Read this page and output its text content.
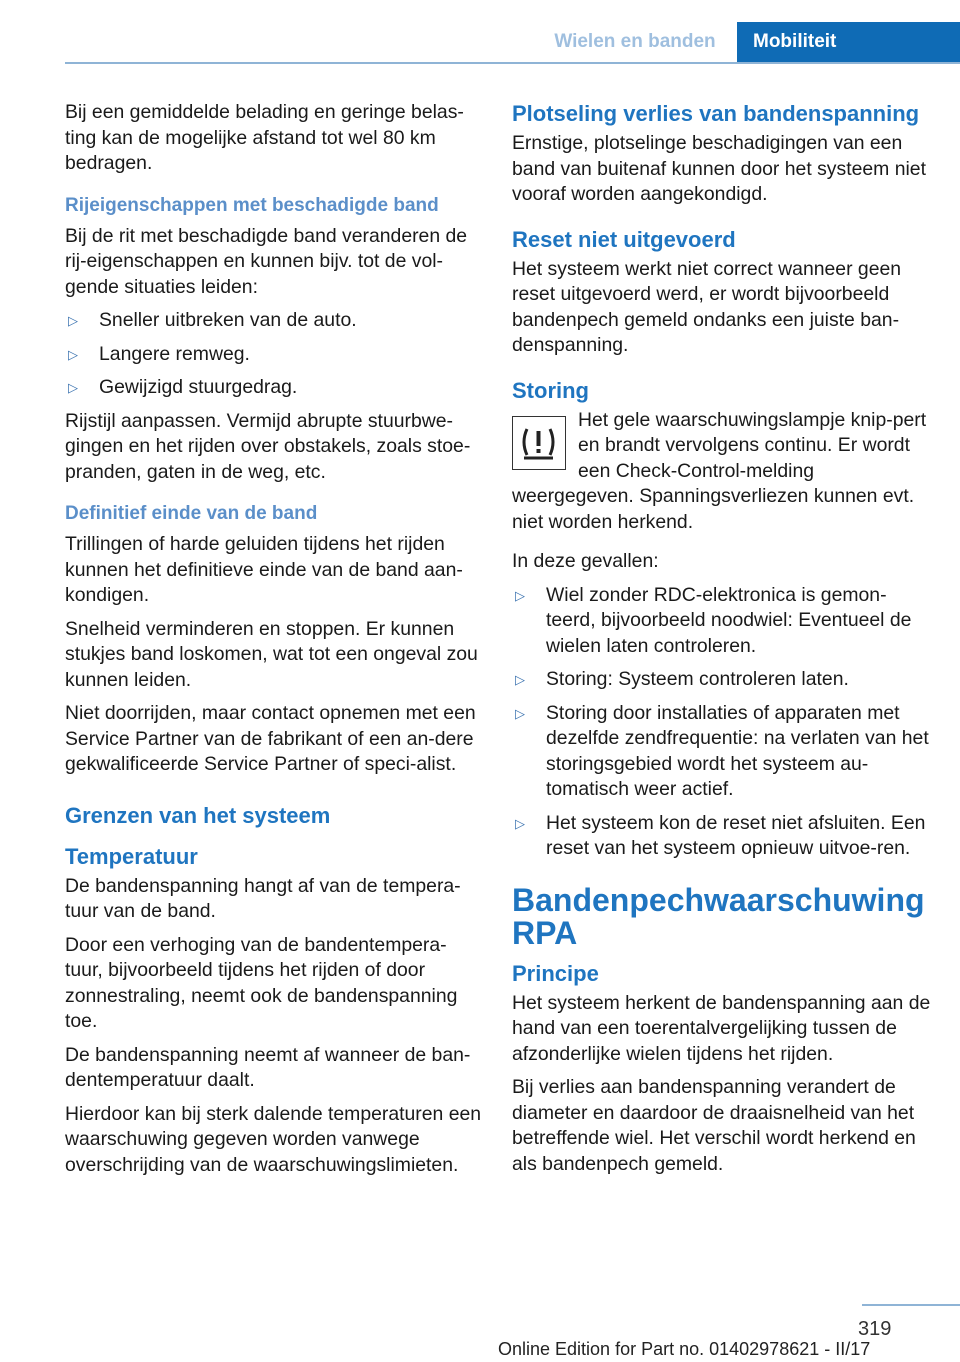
Wielen en banden	Mobiliteit

Bij een gemiddelde belading en geringe belas-ting kan de mogelijke afstand tot wel 80 km bedragen.

Rijeigenschappen met beschadigde band

Bij de rit met beschadigde band veranderen de rij-eigenschappen en kunnen bijv. tot de vol-gende situaties leiden:

▷ Sneller uitbreken van de auto.
▷ Langere remweg.
▷ Gewijzigd stuurgedrag.

Rijstijl aanpassen. Vermijd abrupte stuurbwe-gingen en het rijden over obstakels, zoals stoe-pranden, gaten in de weg, etc.

Definitief einde van de band

Trillingen of harde geluiden tijdens het rijden kunnen het definitieve einde van de band aan-kondigen.

Snelheid verminderen en stoppen. Er kunnen stukjes band loskomen, wat tot een ongeval zou kunnen leiden.

Niet doorrijden, maar contact opnemen met een Service Partner van de fabrikant of een an-dere gekwalificeerde Service Partner of speci-alist.

Grenzen van het systeem
Temperatuur

De bandenspanning hangt af van de tempera-tuur van de band.

Door een verhoging van de bandentempera-tuur, bijvoorbeeld tijdens het rijden of door zonnestraling, neemt ook de bandenspanning toe.

De bandenspanning neemt af wanneer de ban-dentemperatuur daalt.

Hierdoor kan bij sterk dalende temperaturen een waarschuwing gegeven worden vanwege overschrijding van de waarschuwingslimieten.

Plotseling verlies van bandenspanning

Ernstige, plotselinge beschadigingen van een band van buitenaf kunnen door het systeem niet vooraf worden aangekondigd.

Reset niet uitgevoerd

Het systeem werkt niet correct wanneer geen reset uitgevoerd werd, er wordt bijvoorbeeld bandenpech gemeld ondanks een juiste ban-denspanning.

Storing

Het gele waarschuwingslampje knip-pert en brandt vervolgens continu. Er wordt een Check-Control-melding weergegeven. Spanningsverliezen kunnen evt. niet worden herkend.

In deze gevallen:

▷ Wiel zonder RDC-elektronica is gemon-teerd, bijvoorbeeld noodwiel: Eventueel de wielen laten controleren.
▷ Storing: Systeem controleren laten.
▷ Storing door installaties of apparaten met dezelfde zendfrequentie: na verlaten van het storingsgebied wordt het systeem au-tomatisch weer actief.
▷ Het systeem kon de reset niet afsluiten. Een reset van het systeem opnieuw uitvoe-ren.
Bandenpechwaarschuwing RPA
Principe

Het systeem herkent de bandenspanning aan de hand van een toerentalvergelijking tussen de afzonderlijke wielen tijdens het rijden.

Bij verlies aan bandenspanning verandert de diameter en daardoor de draaisnelheid van het betreffende wiel. Het verschil wordt herkend en als bandenpech gemeld.

319
Online Edition for Part no. 01402978621 - II/17
